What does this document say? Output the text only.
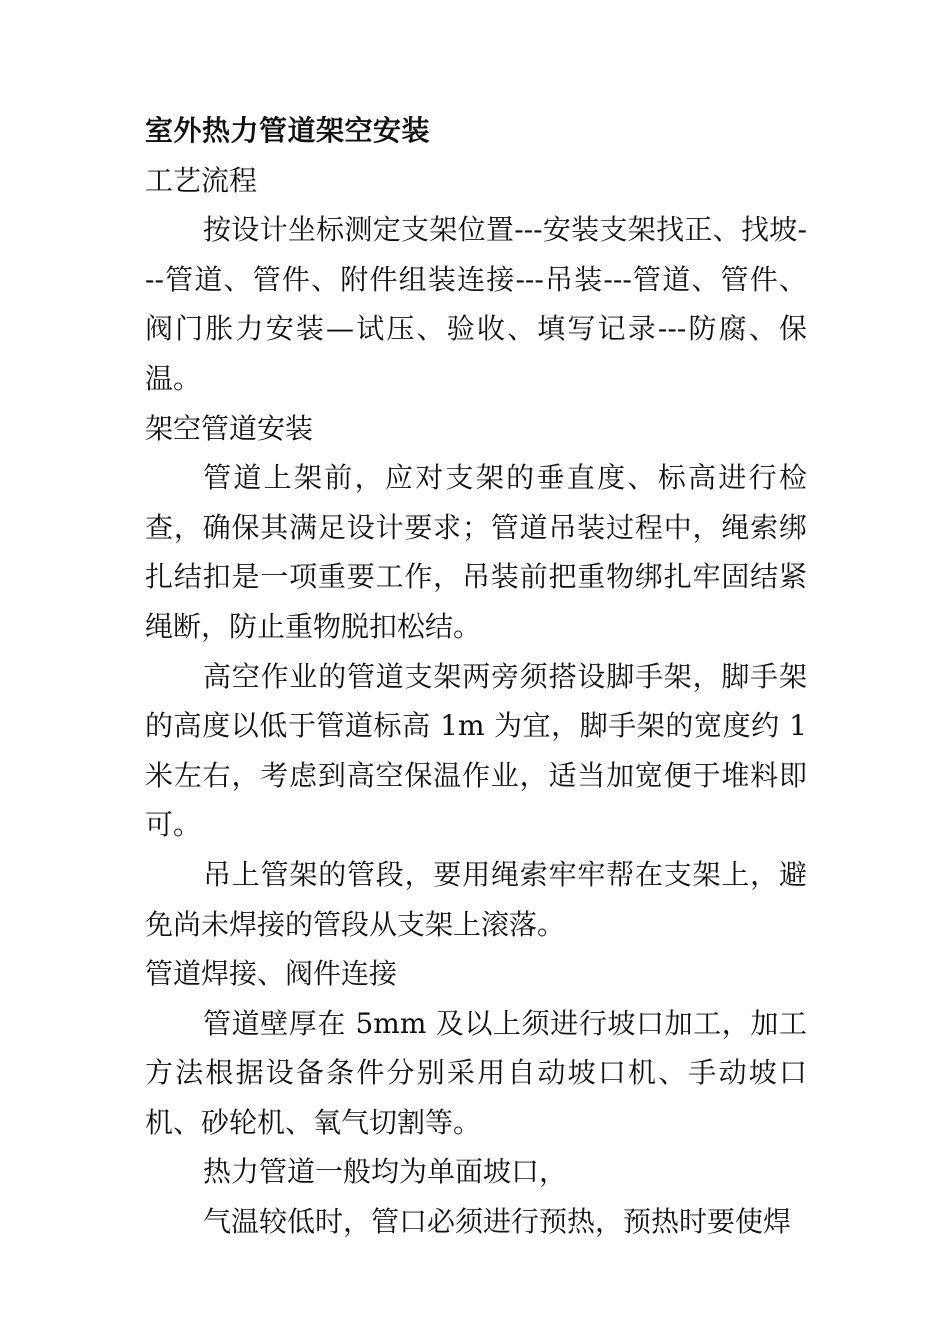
室外热力管道架空安装
工艺流程

按设计坐标测定支架位置---安装支架找正、找坡---管道、管件、附件组装连接---吊装---管道、管件、阀门胀力安装—试压、验收、填写记录---防腐、保温。

架空管道安装

管道上架前，应对支架的垂直度、标高进行检查，确保其满足设计要求；管道吊装过程中，绳索绑扎结扣是一项重要工作，吊装前把重物绑扎牢固结紧绳断，防止重物脱扣松结。

高空作业的管道支架两旁须搭设脚手架，脚手架的高度以低于管道标高 1m 为宜，脚手架的宽度约 1 米左右，考虑到高空保温作业，适当加宽便于堆料即可。

吊上管架的管段，要用绳索牢牢帮在支架上，避免尚未焊接的管段从支架上滚落。

管道焊接、阀件连接

管道壁厚在 5mm 及以上须进行坡口加工，加工方法根据设备条件分别采用自动坡口机、手动坡口机、砂轮机、氧气切割等。

热力管道一般均为单面坡口，

气温较低时，管口必须进行预热，预热时要使焊
